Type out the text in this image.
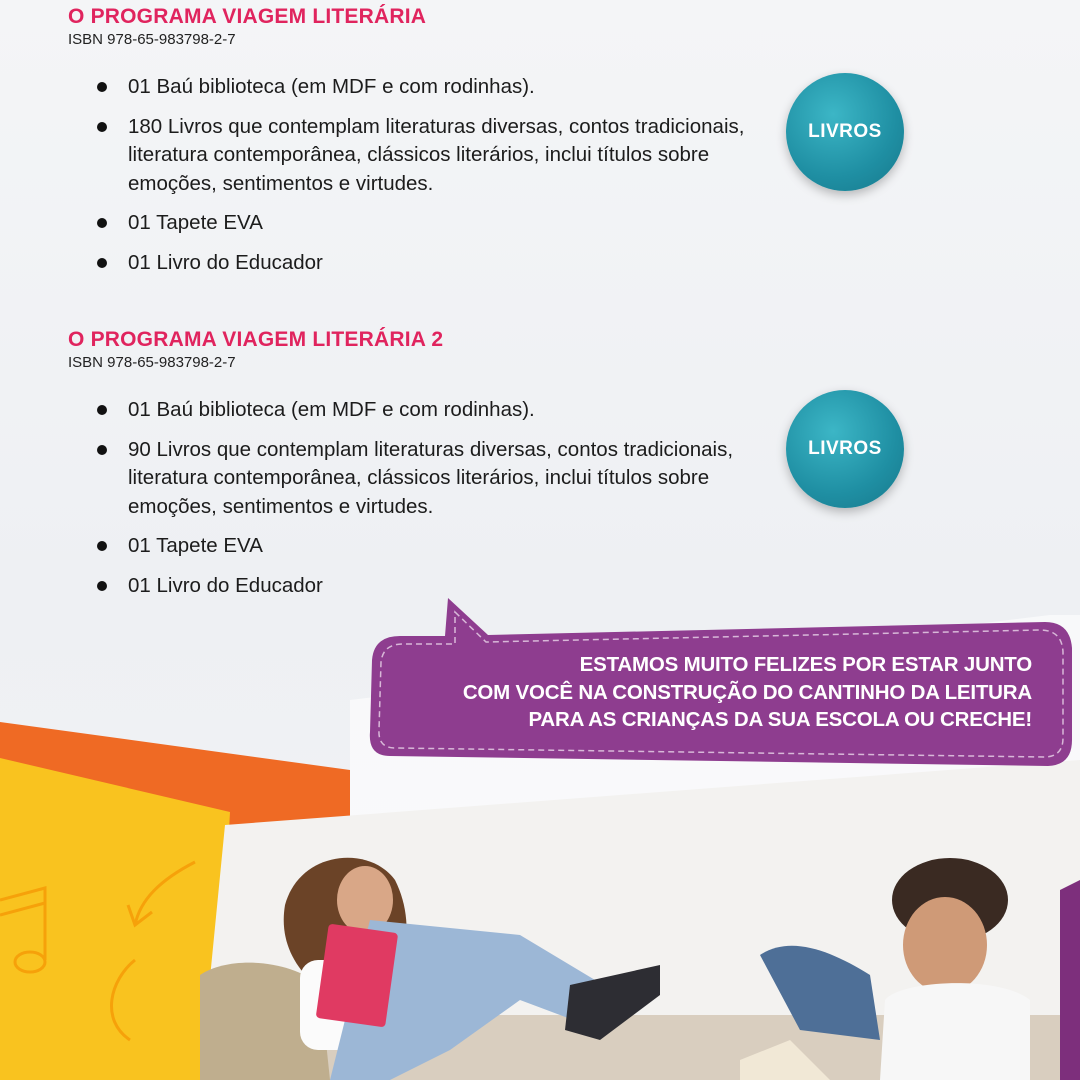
O PROGRAMA VIAGEM LITERÁRIA

ISBN 978-65-983798-2-7

01 Baú biblioteca (em MDF e com rodinhas).
180 Livros que contemplam literaturas diversas, contos tradicionais, literatura contemporânea, clássicos literários, inclui títulos sobre emoções, sentimentos e virtudes.
01 Tapete EVA
01 Livro do Educador
LIVROS
O PROGRAMA VIAGEM LITERÁRIA 2

ISBN 978-65-983798-2-7

01 Baú biblioteca (em MDF e com rodinhas).
90 Livros que contemplam literaturas diversas, contos tradicionais, literatura contemporânea, clássicos literários, inclui títulos sobre emoções, sentimentos e virtudes.
01 Tapete EVA
01 Livro do Educador
LIVROS
ESTAMOS MUITO FELIZES POR ESTAR JUNTO
COM VOCÊ NA CONSTRUÇÃO DO CANTINHO DA LEITURA
PARA AS CRIANÇAS DA SUA ESCOLA OU CRECHE!
